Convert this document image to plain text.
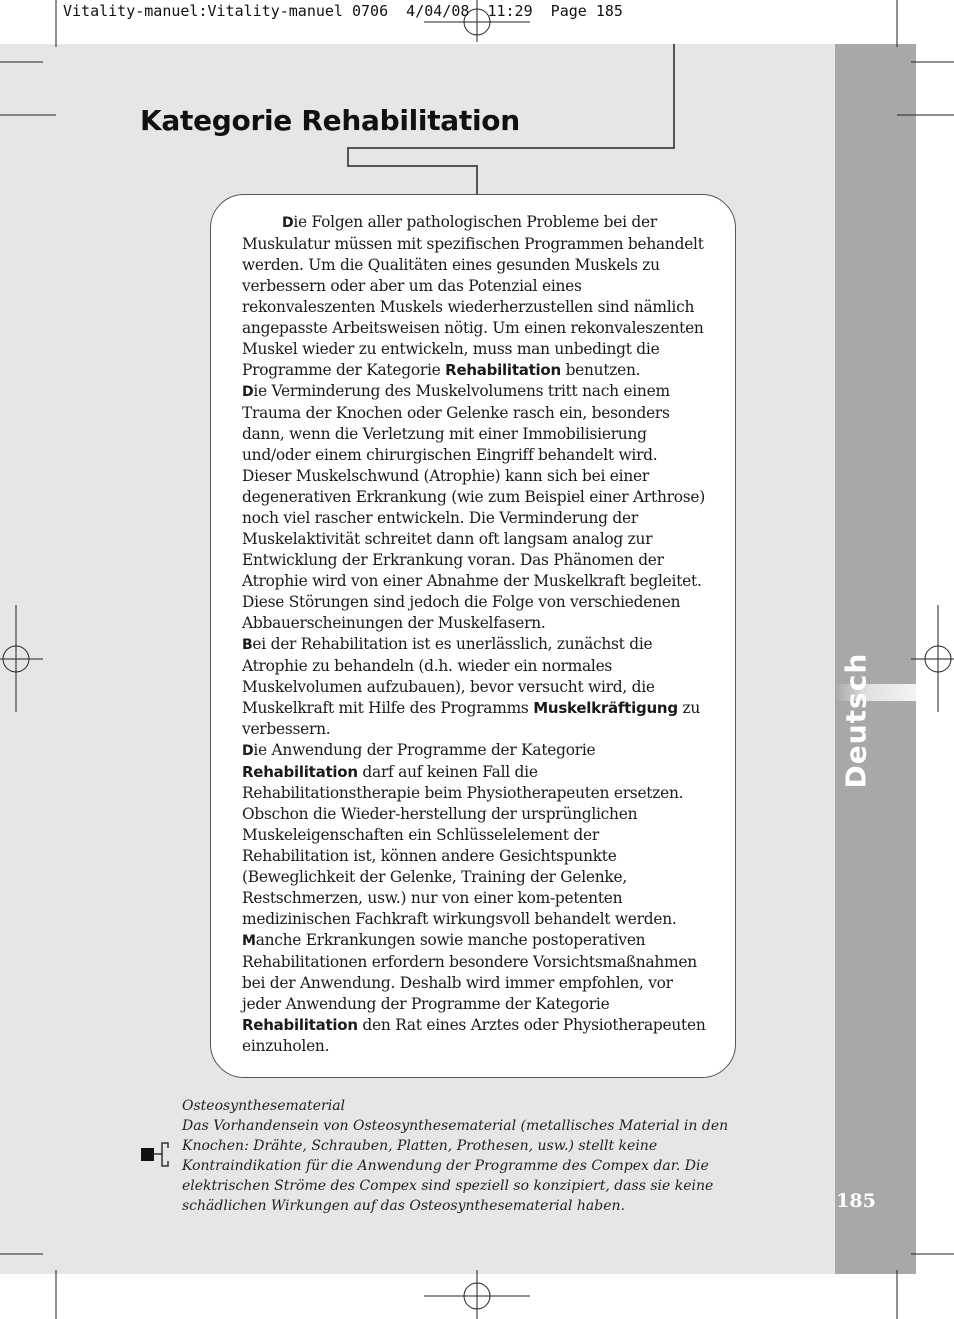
Vitality-manuel:Vitality-manuel 0706  4/04/08  11:29  Page 185
Deutsch
185
Kategorie Rehabilitation

Die Folgen aller pathologischen Probleme bei der Muskulatur müssen mit spezifischen Programmen behandelt werden. Um die Qualitäten eines gesunden Muskels zu verbessern oder aber um das Potenzial eines rekonvaleszenten Muskels wiederherzustellen sind nämlich angepasste Arbeitsweisen nötig. Um einen rekonvaleszenten Muskel wieder zu entwickeln, muss man unbedingt die Programme der Kategorie Rehabilitation benutzen.

Die Verminderung des Muskelvolumens tritt nach einem Trauma der Knochen oder Gelenke rasch ein, besonders dann, wenn die Verletzung mit einer Immobilisierung und/oder einem chirurgischen Eingriff behandelt wird. Dieser Muskelschwund (Atrophie) kann sich bei einer degenerativen Erkrankung (wie zum Beispiel einer Arthrose) noch viel rascher entwickeln. Die Verminderung der Muskelaktivität schreitet dann oft langsam analog zur Entwicklung der Erkrankung voran. Das Phänomen der Atrophie wird von einer Abnahme der Muskelkraft begleitet. Diese Störungen sind jedoch die Folge von verschiedenen Abbauerscheinungen der Muskelfasern.

Bei der Rehabilitation ist es unerlässlich, zunächst die Atrophie zu behandeln (d.h. wieder ein normales Muskelvolumen aufzubauen), bevor versucht wird, die Muskelkraft mit Hilfe des Programms Muskelkräftigung zu verbessern.

Die Anwendung der Programme der Kategorie Rehabilitation darf auf keinen Fall die Rehabilitationstherapie beim Physiotherapeuten ersetzen. Obschon die Wieder-herstellung der ursprünglichen Muskeleigenschaften ein Schlüsselelement der Rehabilitation ist, können andere Gesichtspunkte (Beweglichkeit der Gelenke, Training der Gelenke, Restschmerzen, usw.) nur von einer kom-petenten medizinischen Fachkraft wirkungsvoll behandelt werden.

Manche Erkrankungen sowie manche postoperativen Rehabilitationen erfordern besondere Vorsichtsmaßnahmen bei der Anwendung. Deshalb wird immer empfohlen, vor jeder Anwendung der Programme der Kategorie Rehabilitation den Rat eines Arztes oder Physiotherapeuten einzuholen.

Osteosynthesematerial

Das Vorhandensein von Osteosynthesematerial (metallisches Material in den Knochen: Drähte, Schrauben, Platten, Prothesen, usw.) stellt keine Kontraindikation für die Anwendung der Programme des Compex dar. Die elektrischen Ströme des Compex sind speziell so konzipiert, dass sie keine schädlichen Wirkungen auf das Osteosynthesematerial haben.
